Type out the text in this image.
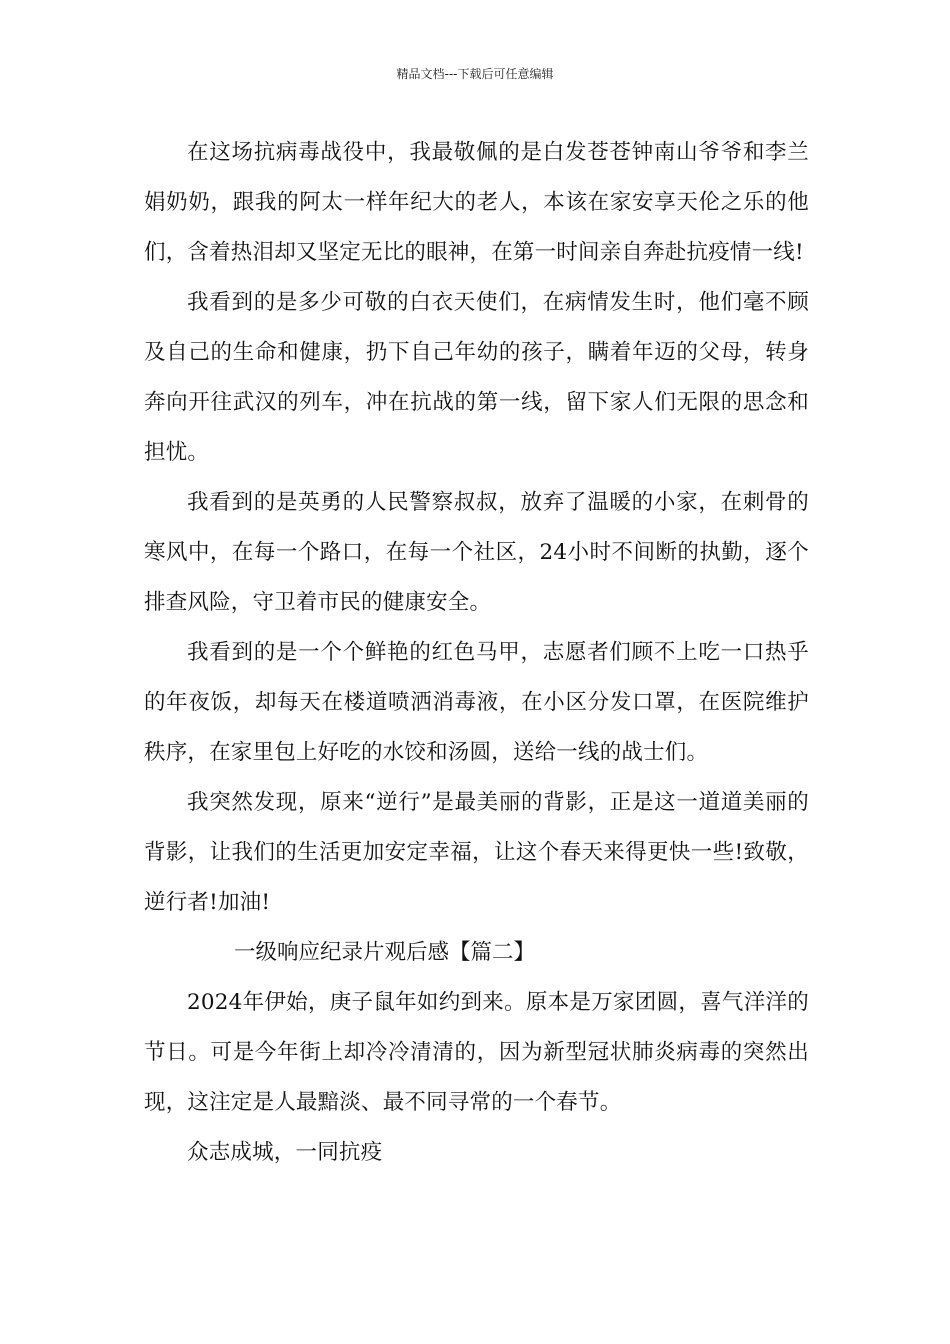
精品文档---下载后可任意编辑

在这场抗病毒战役中，我最敬佩的是白发苍苍钟南山爷爷和李兰娟奶奶，跟我的阿太一样年纪大的老人，本该在家安享天伦之乐的他们，含着热泪却又坚定无比的眼神，在第一时间亲自奔赴抗疫情一线!

我看到的是多少可敬的白衣天使们，在病情发生时，他们毫不顾及自己的生命和健康，扔下自己年幼的孩子，瞒着年迈的父母，转身奔向开往武汉的列车，冲在抗战的第一线，留下家人们无限的思念和担忧。

我看到的是英勇的人民警察叔叔，放弃了温暖的小家，在刺骨的寒风中，在每一个路口，在每一个社区，24小时不间断的执勤，逐个排查风险，守卫着市民的健康安全。

我看到的是一个个鲜艳的红色马甲，志愿者们顾不上吃一口热乎的年夜饭，却每天在楼道喷洒消毒液，在小区分发口罩，在医院维护秩序，在家里包上好吃的水饺和汤圆，送给一线的战士们。

我突然发现，原来“逆行”是最美丽的背影，正是这一道道美丽的背影，让我们的生活更加安定幸福，让这个春天来得更快一些!致敬，逆行者!加油!

一级响应纪录片观后感【篇二】

2024年伊始，庚子鼠年如约到来。原本是万家团圆，喜气洋洋的节日。可是今年街上却冷冷清清的，因为新型冠状肺炎病毒的突然出现，这注定是人最黯淡、最不同寻常的一个春节。

众志成城，一同抗疫
